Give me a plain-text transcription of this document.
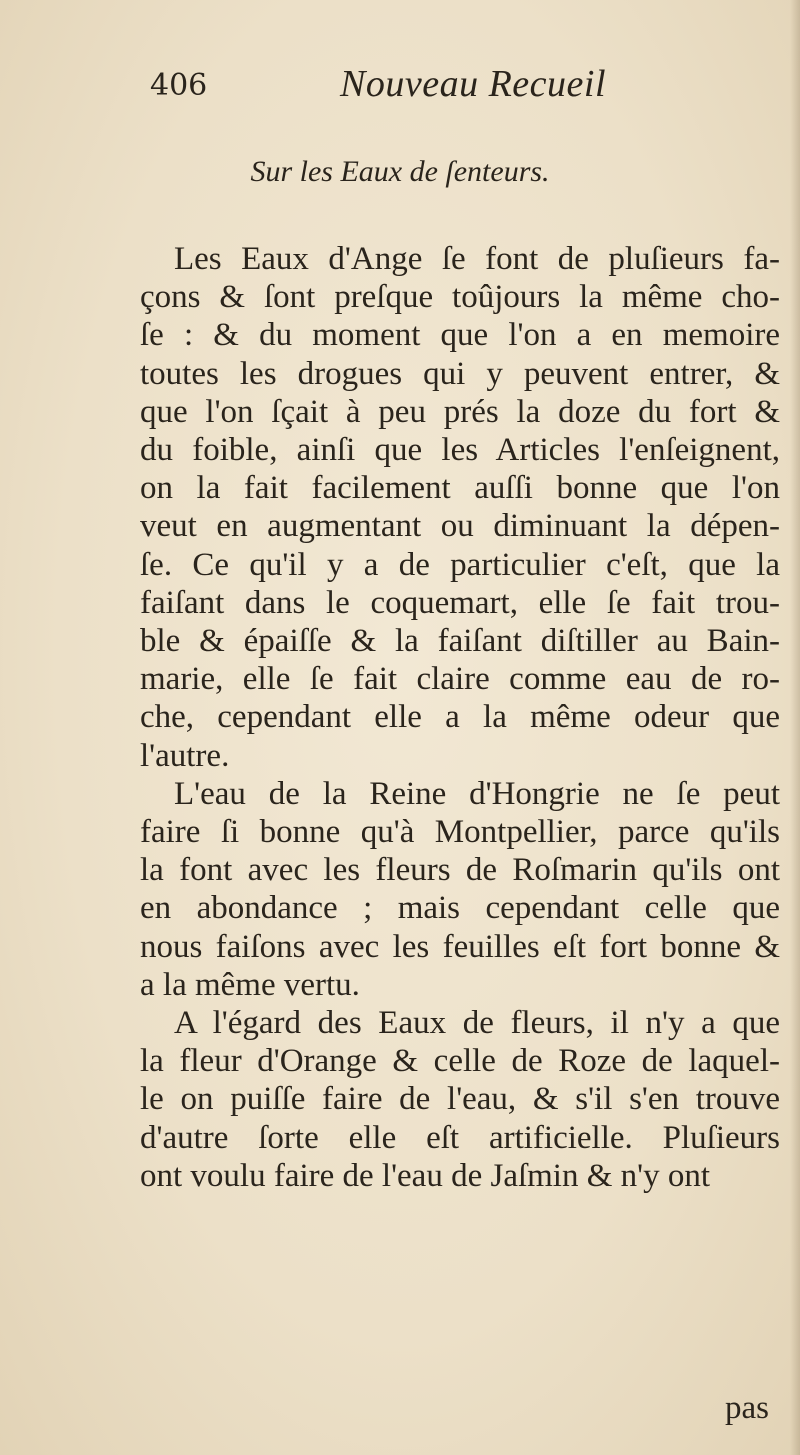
406	Nouveau Recueil
Sur les Eaux de ſenteurs.
Les Eaux d'Ange ſe font de pluſieurs fa-
çons & ſont preſque toûjours la même cho-
ſe : & du moment que l'on a en memoire
toutes les drogues qui y peuvent entrer, &
que l'on ſçait à peu prés la doze du fort &
du foible, ainſi que les Articles l'enſeignent,
on la fait facilement auſſi bonne que l'on
veut en augmentant ou diminuant la dépen-
ſe. Ce qu'il y a de particulier c'eſt, que la
faiſant dans le coquemart, elle ſe fait trou-
ble & épaiſſe & la faiſant diſtiller au Bain-
marie, elle ſe fait claire comme eau de ro-
che, cependant elle a la même odeur que
l'autre.
L'eau de la Reine d'Hongrie ne ſe peut
faire ſi bonne qu'à Montpellier, parce qu'ils
la font avec les fleurs de Roſmarin qu'ils ont
en abondance ; mais cependant celle que
nous faiſons avec les feuilles eſt fort bonne &
a la même vertu.
A l'égard des Eaux de fleurs, il n'y a que
la fleur d'Orange & celle de Roze de laquel-
le on puiſſe faire de l'eau, & s'il s'en trouve
d'autre ſorte elle eſt artificielle. Pluſieurs
ont voulu faire de l'eau de Jaſmin & n'y ont
pas
